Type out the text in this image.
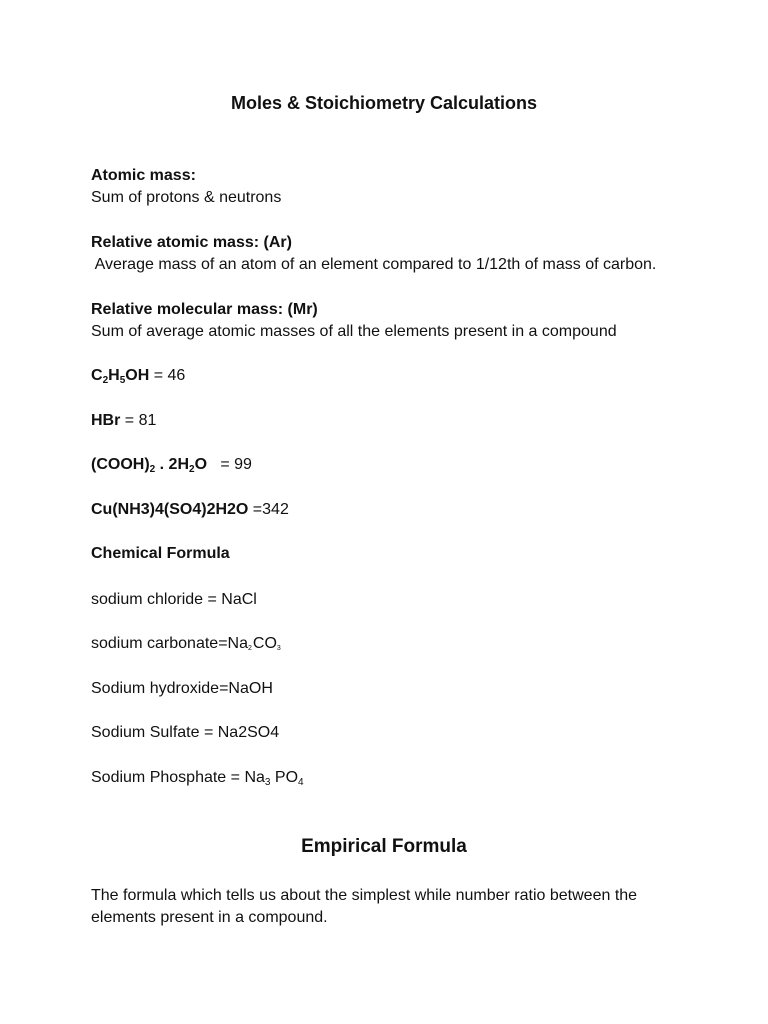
Moles & Stoichiometry Calculations
Atomic mass:
Sum of protons & neutrons
Relative atomic mass: (Ar)
Average mass of an atom of an element compared to 1/12th of mass of carbon.
Relative molecular mass: (Mr)
Sum of average atomic masses of all the elements present in a compound
$C_2H_5OH = 46$
HBr = 81
$(COOH)_2$ . $2H_2O = 99$
Cu(NH3)4(SO4)2H2O =342
Chemical Formula
sodium chloride = NaCl
sodium $carbonate=Na_2CO_3$
Sodium hydroxide=NaOH
Sodium Sulfate = Na2SO4
Sodium Phosphate = $Na_3$ $PO_4$
Empirical Formula
The formula which tells us about the simplest while number ratio between the elements present in a compound.
